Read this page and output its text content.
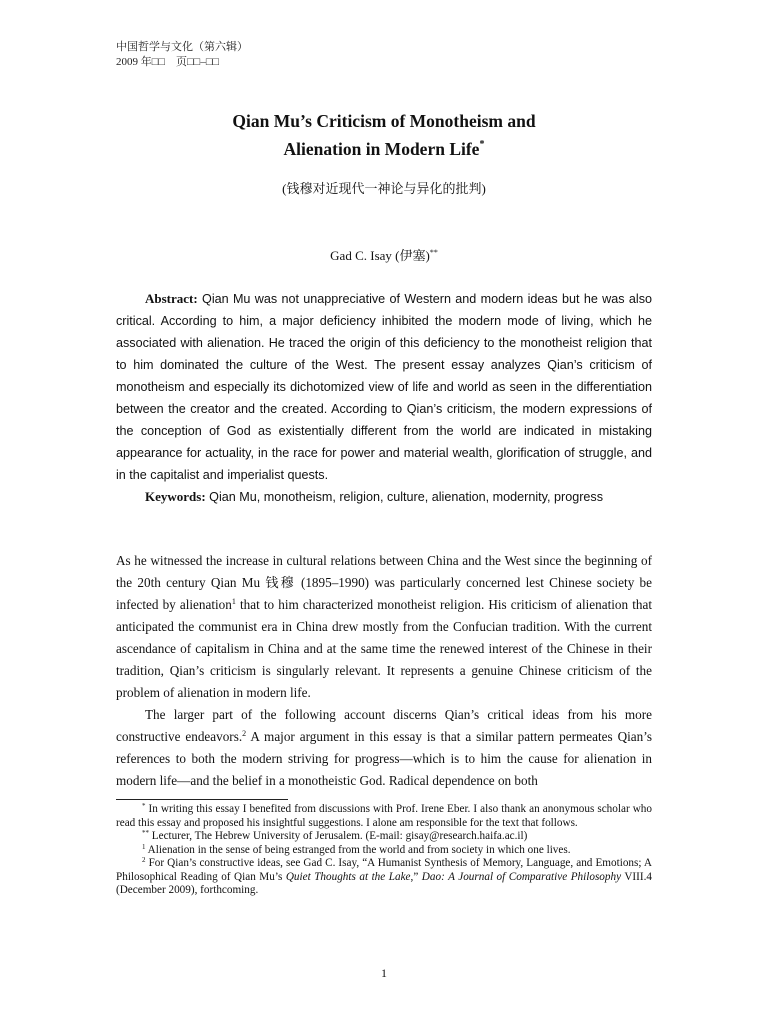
中国哲学与文化（第六辑）
2009 年□□　页□□–□□
Qian Mu’s Criticism of Monotheism and
Alienation in Modern Life*
(钱穆对近现代一神论与异化的批判)
Gad C. Isay (伊塞)**

Abstract: Qian Mu was not unappreciative of Western and modern ideas but he was also critical. According to him, a major deficiency inhibited the modern mode of living, which he associated with alienation. He traced the origin of this deficiency to the monotheist religion that to him dominated the culture of the West. The present essay analyzes Qian’s criticism of monotheism and especially its dichotomized view of life and world as seen in the differentiation between the creator and the created. According to Qian’s criticism, the modern expressions of the conception of God as existentially different from the world are indicated in mistaking appearance for actuality, in the race for power and material wealth, glorification of struggle, and in the capitalist and imperialist quests.

Keywords: Qian Mu, monotheism, religion, culture, alienation, modernity, progress

As he witnessed the increase in cultural relations between China and the West since the beginning of the 20th century Qian Mu 钱穆 (1895–1990) was particularly concerned lest Chinese society be infected by alienation$^1$ that to him characterized monotheist religion. His criticism of alienation that anticipated the communist era in China drew mostly from the Confucian tradition. With the current ascendance of capitalism in China and at the same time the renewed interest of the Chinese in their tradition, Qian’s criticism is singularly relevant. It represents a genuine Chinese criticism of the problem of alienation in modern life.

The larger part of the following account discerns Qian’s critical ideas from his more constructive endeavors.$^2$ A major argument in this essay is that a similar pattern permeates Qian’s references to both the modern striving for progress—which is to him the cause for alienation in modern life—and the belief in a monotheistic God. Radical dependence on both

* In writing this essay I benefited from discussions with Prof. Irene Eber. I also thank an anonymous scholar who read this essay and proposed his insightful suggestions. I alone am responsible for the text that follows.

** Lecturer, The Hebrew University of Jerusalem. (E-mail: gisay@research.haifa.ac.il)

$^1$ Alienation in the sense of being estranged from the world and from society in which one lives.

$^2$ For Qian’s constructive ideas, see Gad C. Isay, “A Humanist Synthesis of Memory, Language, and Emotions; A Philosophical Reading of Qian Mu’s Quiet Thoughts at the Lake,” Dao: A Journal of Comparative Philosophy VIII.4 (December 2009), forthcoming.

1
